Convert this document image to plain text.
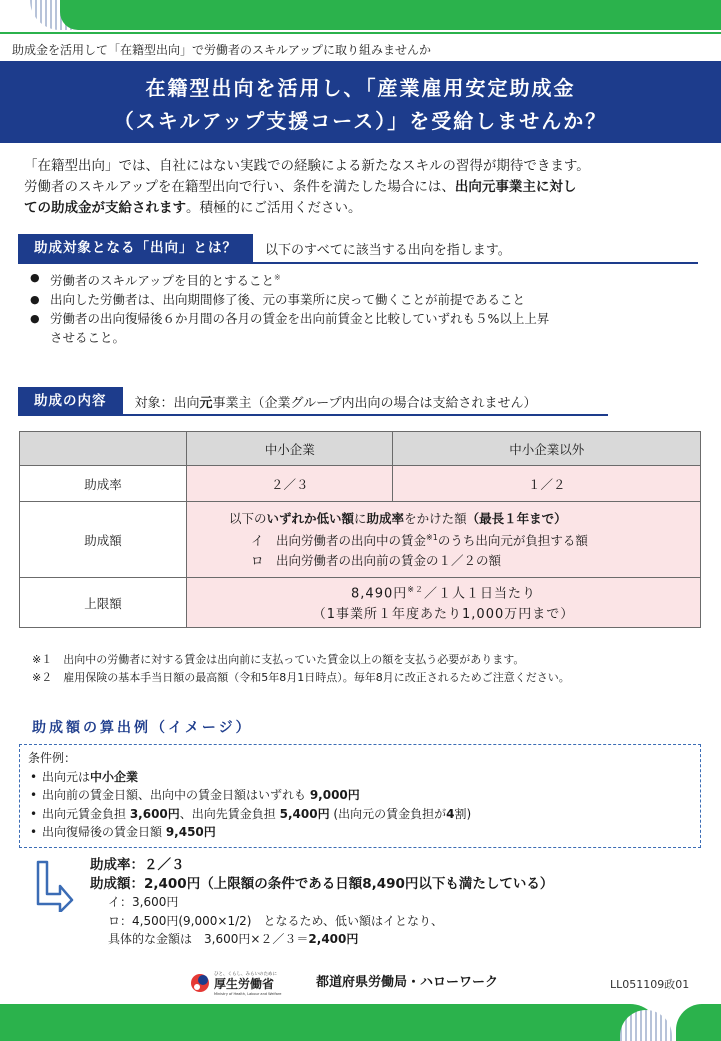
助成金を活用して「在籍型出向」で労働者のスキルアップに取り組みませんか
在籍型出向を活用し、「産業雇用安定助成金
（スキルアップ支援コース）」を受給しませんか？
「在籍型出向」では、自社にはない実践での経験による新たなスキルの習得が期待できます。
労働者のスキルアップを在籍型出向で行い、条件を満たした場合には、出向元事業主に対し
ての助成金が支給されます。積極的にご活用ください。
助成対象となる「出向」とは？	以下のすべてに該当する出向を指します。
● 労働者のスキルアップを目的とすること※
● 出向した労働者は、出向期間修了後、元の事業所に戻って働くことが前提であること
● 労働者の出向復帰後６か月間の各月の賃金を出向前賃金と比較していずれも５%以上上昇
させること。
助成の内容	対象：出向元事業主（企業グループ内出向の場合は支給されません）
	中小企業	中小企業以外
助成率	２／３	１／２
助成額	以下のいずれか低い額に助成率をかけた額（最長１年まで）
イ　出向労働者の出向中の賃金$^{※1}$のうち出向元が負担する額
ロ　出向労働者の出向前の賃金の１／２の額	

上限額	8,490円$^{※2}$／１人１日当たり
（1事業所１年度あたり1,000万円まで）	
※１　出向中の労働者に対する賃金は出向前に支払っていた賃金以上の額を支払う必要があります。
※２　雇用保険の基本手当日額の最高額（令和5年8月1日時点）。毎年8月に改正されるためご注意ください。
助成額の算出例（イメージ）
条件例：
• 出向元は中小企業
• 出向前の賃金日額、出向中の賃金日額はいずれも 9,000円
• 出向元賃金負担 3,600円、出向先賃金負担 5,400円 (出向元の賃金負担が4割)
• 出向復帰後の賃金日額 9,450円
助成率：２／３
助成額：2,400円（上限額の条件である日額8,490円以下も満たしている）
イ：3,600円
ロ：4,500円(9,000×1/2)　となるため、低い額はイとなり、
具体的な金額は　3,600円×２／３＝2,400円
ひと、くらし、みらいのために
厚生労働省
Ministry of Health, Labour and Welfare
都道府県労働局・ハローワーク	LL051109政01
